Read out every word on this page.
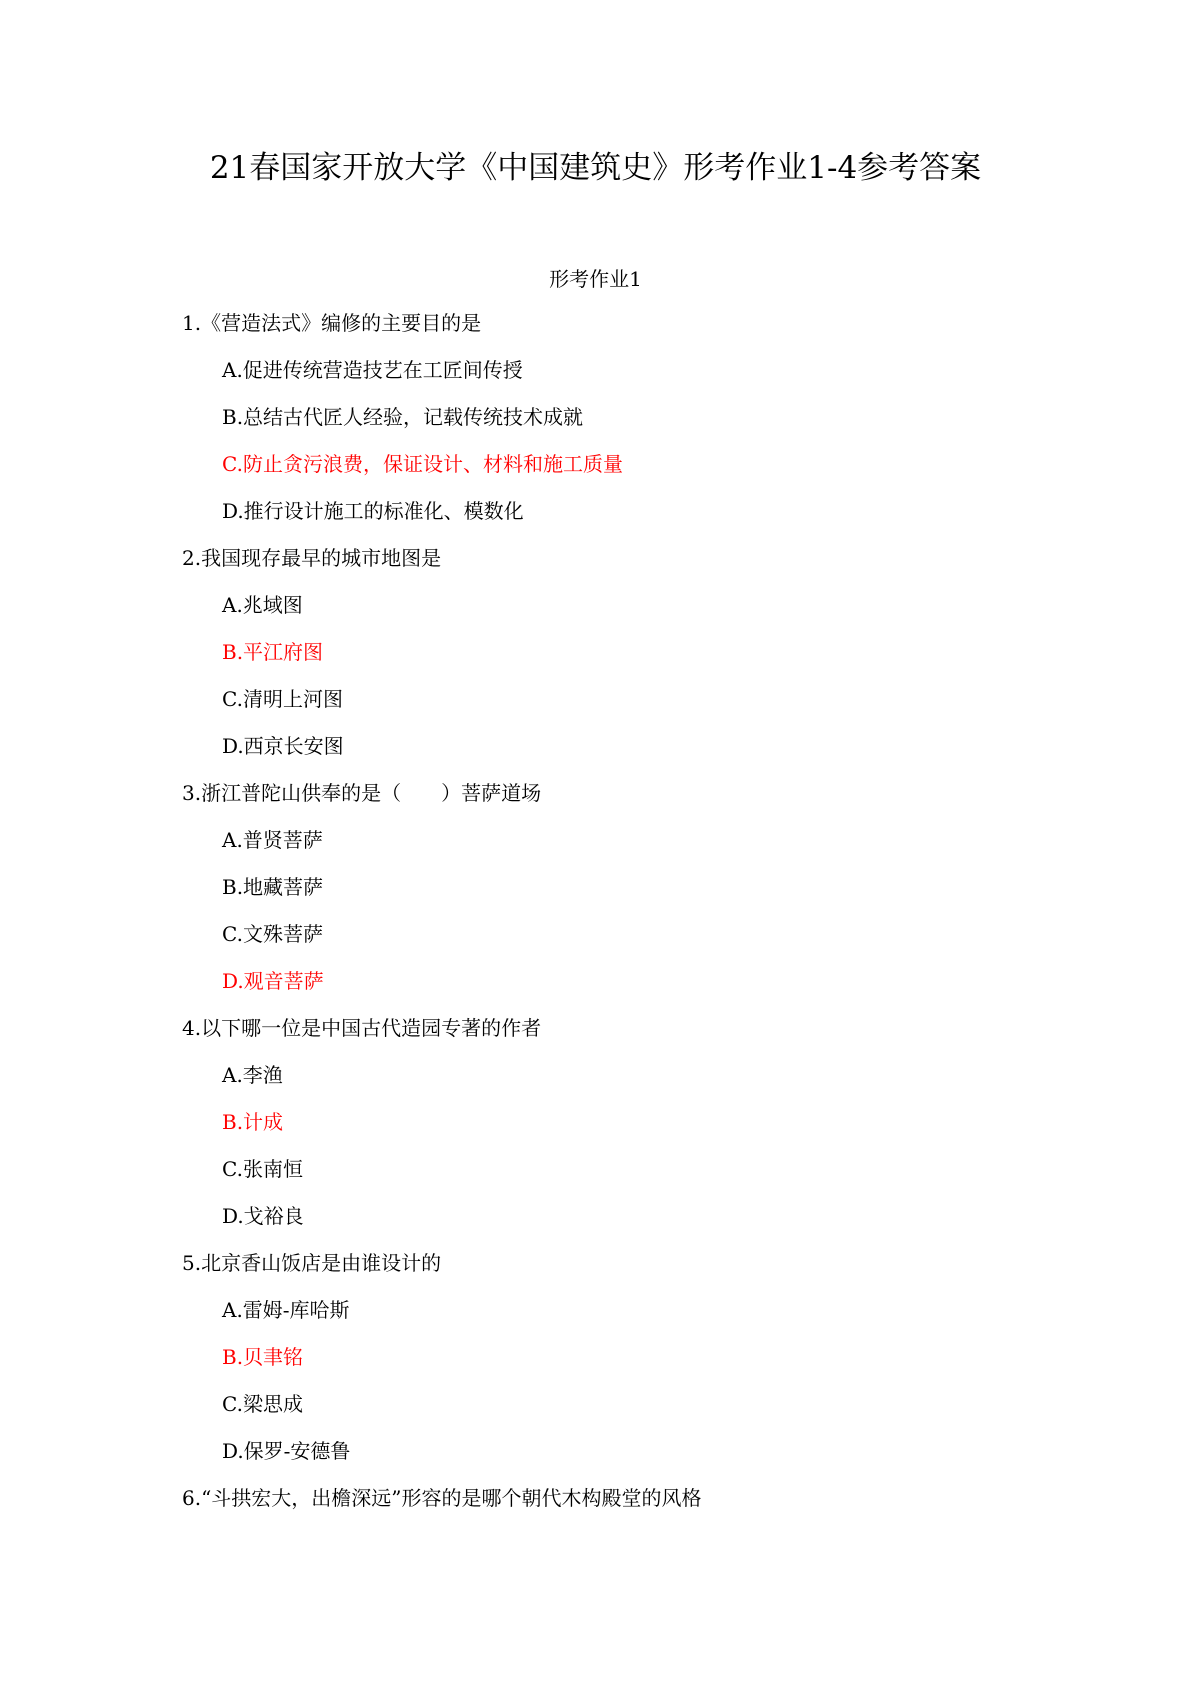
21春国家开放大学《中国建筑史》形考作业1-4参考答案
形考作业1
1.《营造法式》编修的主要目的是
A.促进传统营造技艺在工匠间传授
B.总结古代匠人经验，记载传统技术成就
C.防止贪污浪费，保证设计、材料和施工质量
D.推行设计施工的标准化、模数化
2.我国现存最早的城市地图是
A.兆域图
B.平江府图
C.清明上河图
D.西京长安图
3.浙江普陀山供奉的是（　　）菩萨道场
A.普贤菩萨
B.地藏菩萨
C.文殊菩萨
D.观音菩萨
4.以下哪一位是中国古代造园专著的作者
A.李渔
B.计成
C.张南恒
D.戈裕良
5.北京香山饭店是由谁设计的
A.雷姆-库哈斯
B.贝聿铭
C.梁思成
D.保罗-安德鲁
6.“斗拱宏大，出檐深远”形容的是哪个朝代木构殿堂的风格
